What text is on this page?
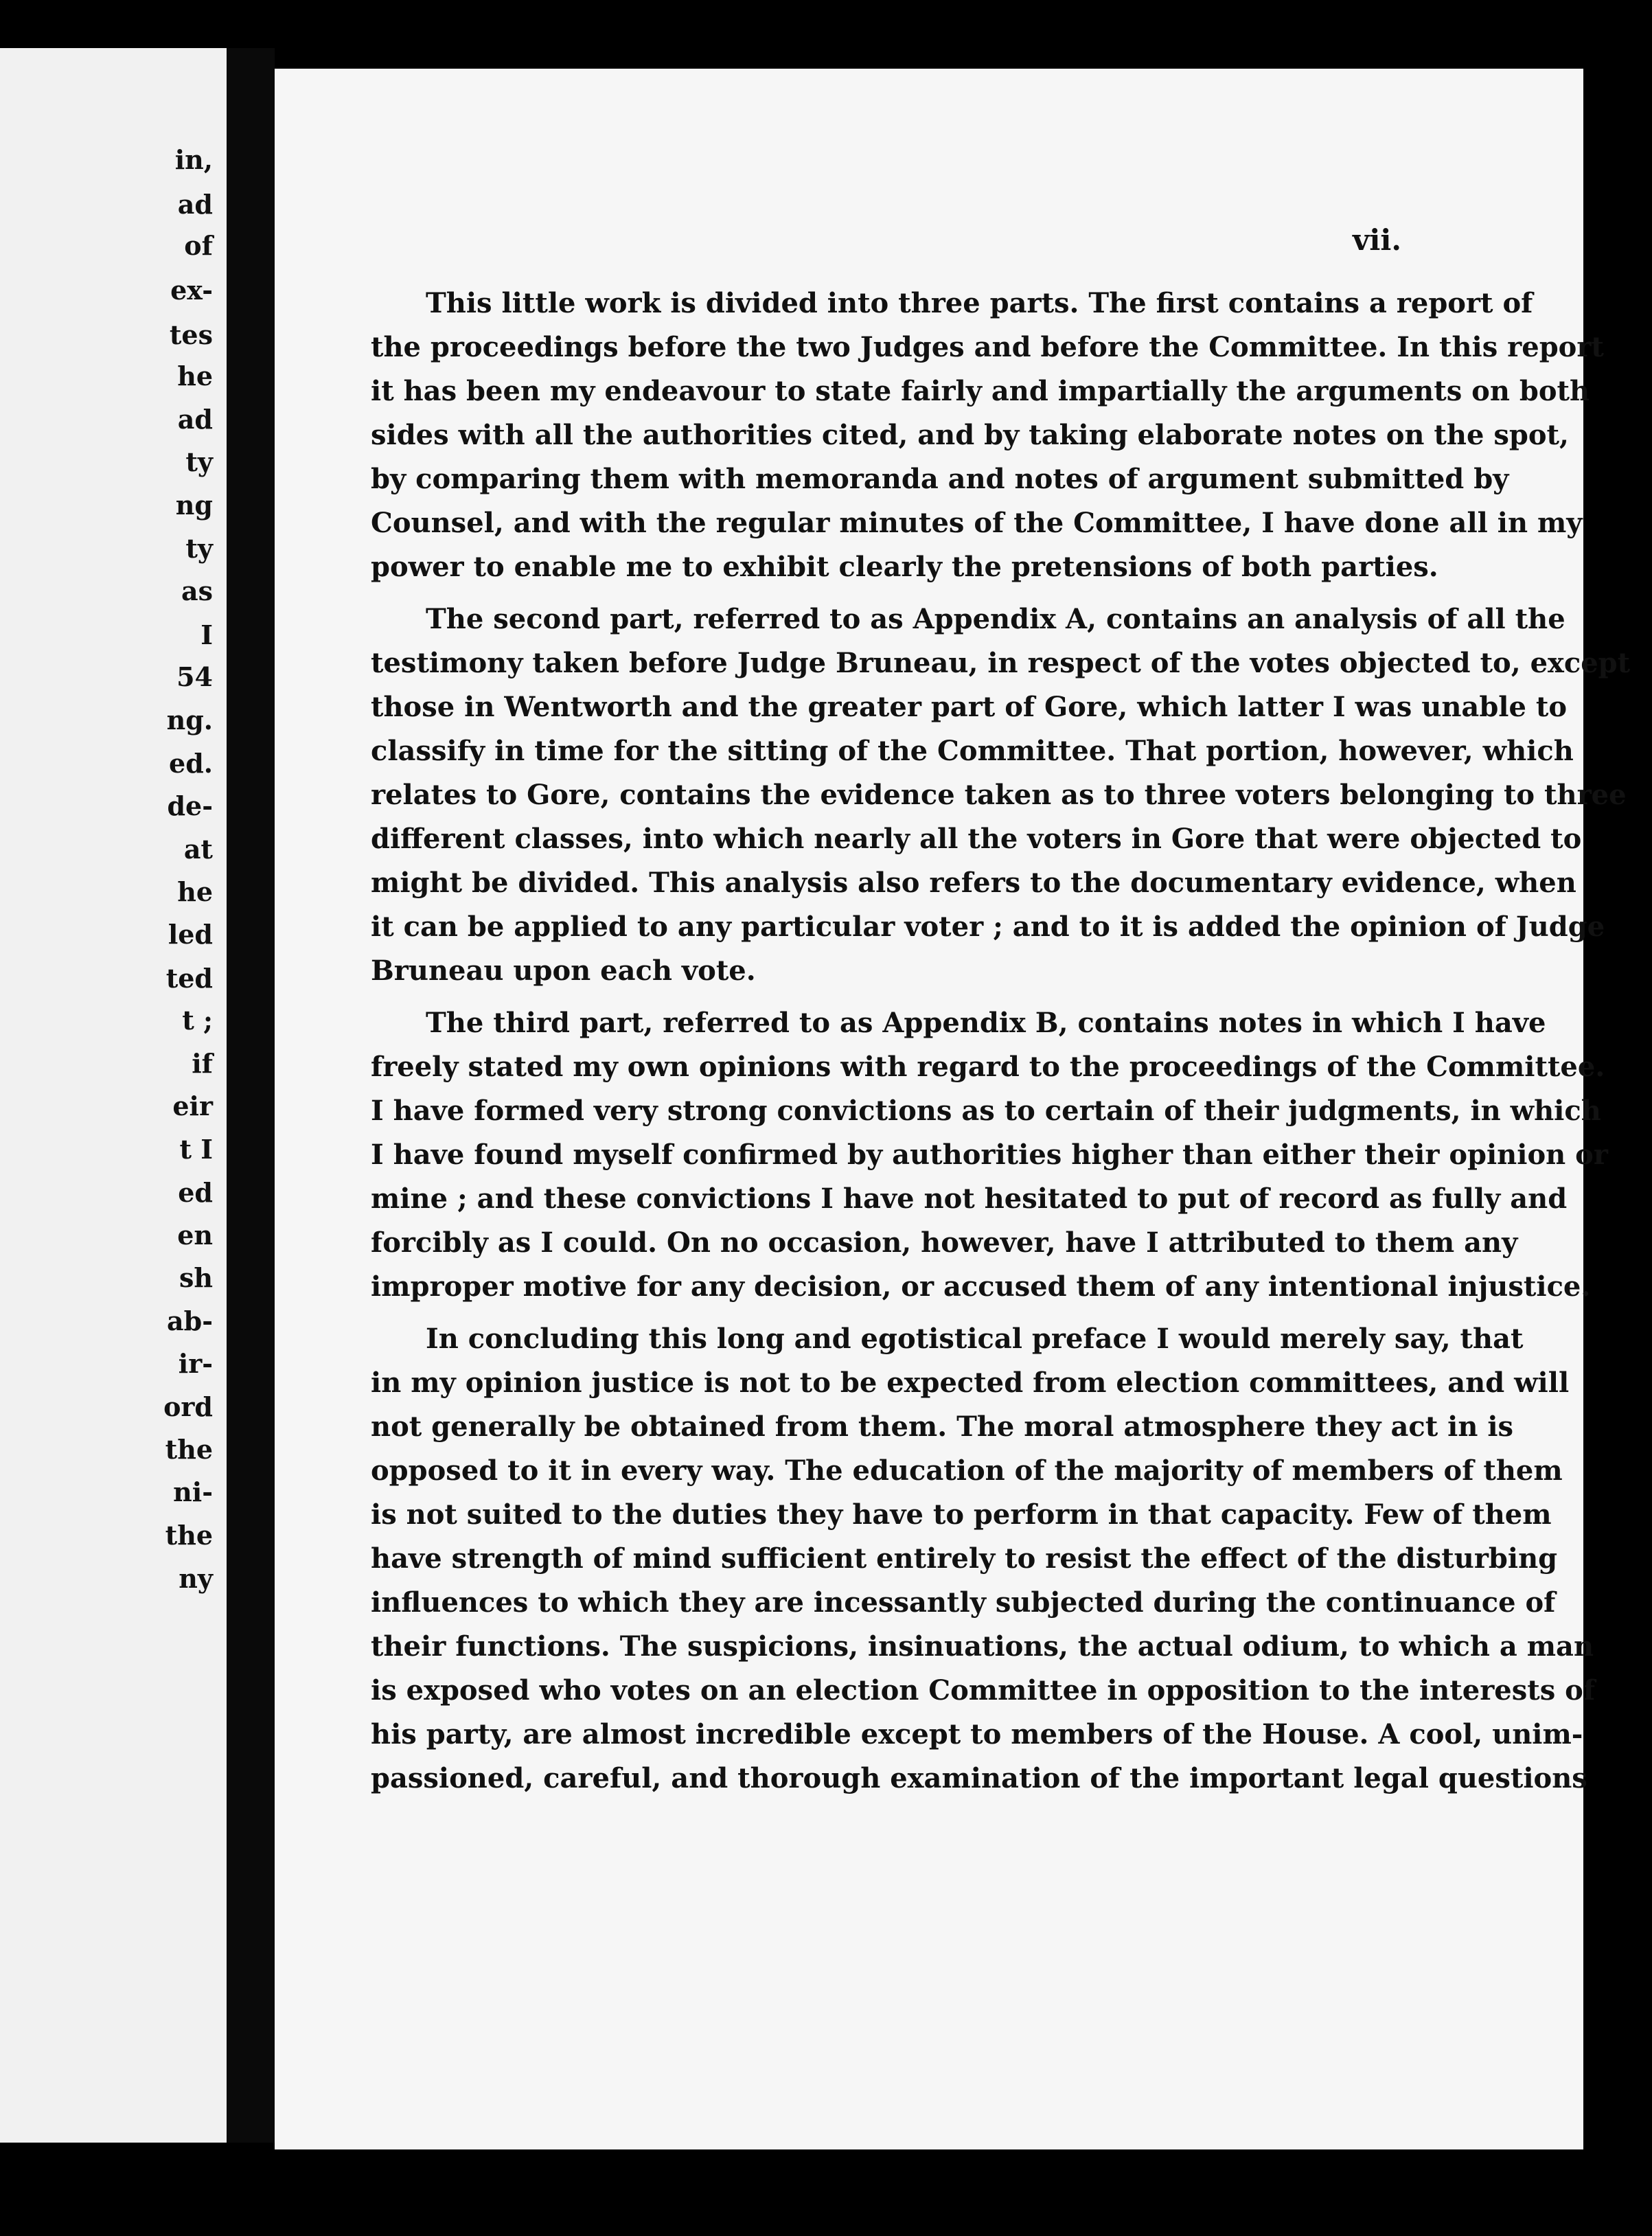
in,
ad
of
ex-
tes
he
ad
ty
ng
ty
as
I
54
ng.
ed.
de-
at
he
led
ted
t ;
if
eir
t I
ed
en
sh
ab-
ir-
ord
the
ni-
the
ny
vii.

This little work is divided into three parts. The first contains a report of
the proceedings before the two Judges and before the Committee. In this report
it has been my endeavour to state fairly and impartially the arguments on both
sides with all the authorities cited, and by taking elaborate notes on the spot,
by comparing them with memoranda and notes of argument submitted by
Counsel, and with the regular minutes of the Committee, I have done all in my
power to enable me to exhibit clearly the pretensions of both parties.

The second part, referred to as Appendix A, contains an analysis of all the
testimony taken before Judge Bruneau, in respect of the votes objected to, except
those in Wentworth and the greater part of Gore, which latter I was unable to
classify in time for the sitting of the Committee. That portion, however, which
relates to Gore, contains the evidence taken as to three voters belonging to three
different classes, into which nearly all the voters in Gore that were objected to
might be divided. This analysis also refers to the documentary evidence, when
it can be applied to any particular voter ; and to it is added the opinion of Judge
Bruneau upon each vote.

The third part, referred to as Appendix B, contains notes in which I have
freely stated my own opinions with regard to the proceedings of the Committee.
I have formed very strong convictions as to certain of their judgments, in which
I have found myself confirmed by authorities higher than either their opinion or
mine ; and these convictions I have not hesitated to put of record as fully and
forcibly as I could. On no occasion, however, have I attributed to them any
improper motive for any decision, or accused them of any intentional injustice.

In concluding this long and egotistical preface I would merely say, that
in my opinion justice is not to be expected from election committees, and will
not generally be obtained from them. The moral atmosphere they act in is
opposed to it in every way. The education of the majority of members of them
is not suited to the duties they have to perform in that capacity. Few of them
have strength of mind sufficient entirely to resist the effect of the disturbing
influences to which they are incessantly subjected during the continuance of
their functions. The suspicions, insinuations, the actual odium, to which a man
is exposed who votes on an election Committee in opposition to the interests of
his party, are almost incredible except to members of the House. A cool, unim-
passioned, careful, and thorough examination of the important legal questions
